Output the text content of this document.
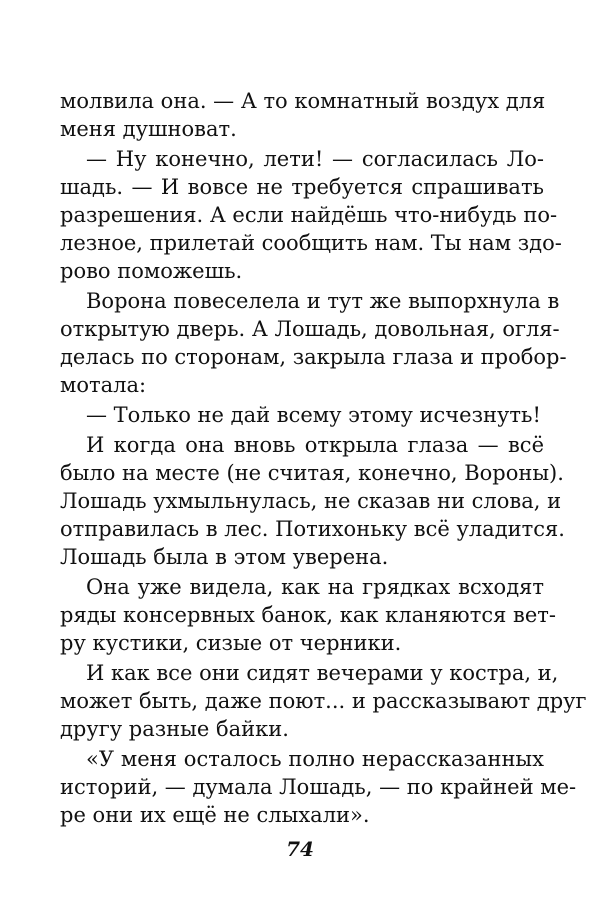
молвила она. — А то комнатный воздух для
меня душноват.
— Ну конечно, лети! — согласилась Ло-
шадь. — И вовсе не требуется спрашивать
разрешения. А если найдёшь что-нибудь по-
лезное, прилетай сообщить нам. Ты нам здо-
рово поможешь.
Ворона повеселела и тут же выпорхнула в
открытую дверь. А Лошадь, довольная, огля-
делась по сторонам, закрыла глаза и пробор-
мотала:
— Только не дай всему этому исчезнуть!
И когда она вновь открыла глаза — всё
было на месте (не считая, конечно, Вороны).
Лошадь ухмыльнулась, не сказав ни слова, и
отправилась в лес. Потихоньку всё уладится.
Лошадь была в этом уверена.
Она уже видела, как на грядках всходят
ряды консервных банок, как кланяются вет-
ру кустики, сизые от черники.
И как все они сидят вечерами у костра, и,
может быть, даже поют... и рассказывают друг
другу разные байки.
«У меня осталось полно нерассказанных
историй, — думала Лошадь, — по крайней ме-
ре они их ещё не слыхали».
74
